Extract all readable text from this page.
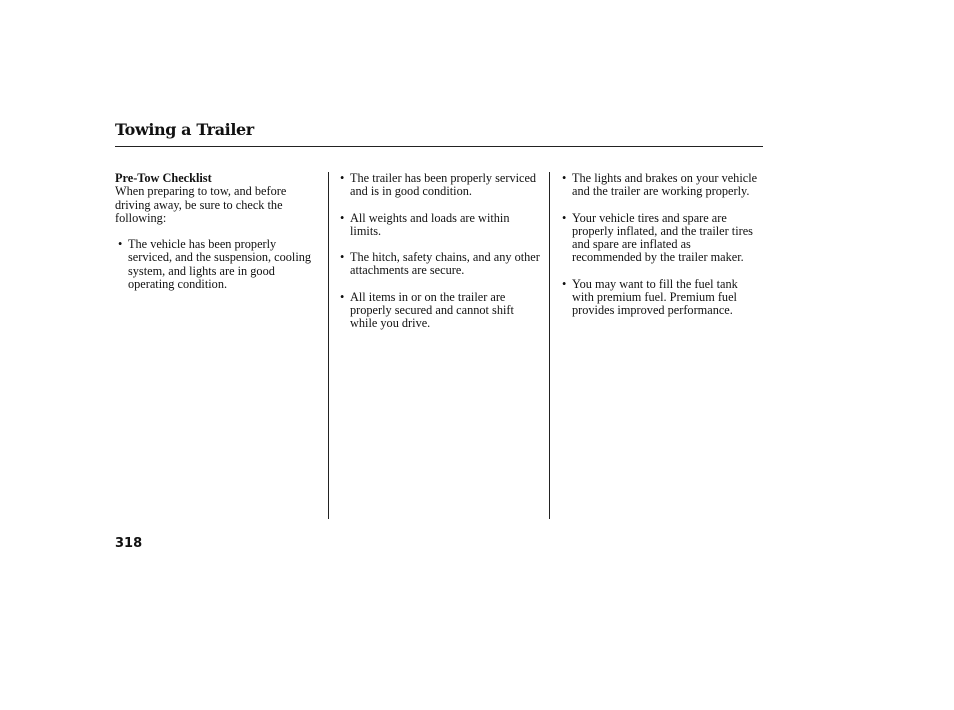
Towing a Trailer
Pre-Tow Checklist

When preparing to tow, and before driving away, be sure to check the following:

• The vehicle has been properly serviced, and the suspension, cooling system, and lights are in good operating condition.
• The trailer has been properly serviced and is in good condition.
• All weights and loads are within limits.
• The hitch, safety chains, and any other attachments are secure.
• All items in or on the trailer are properly secured and cannot shift while you drive.
• The lights and brakes on your vehicle and the trailer are working properly.
• Your vehicle tires and spare are properly inflated, and the trailer tires and spare are inflated as recommended by the trailer maker.
• You may want to fill the fuel tank with premium fuel. Premium fuel provides improved performance.

318
